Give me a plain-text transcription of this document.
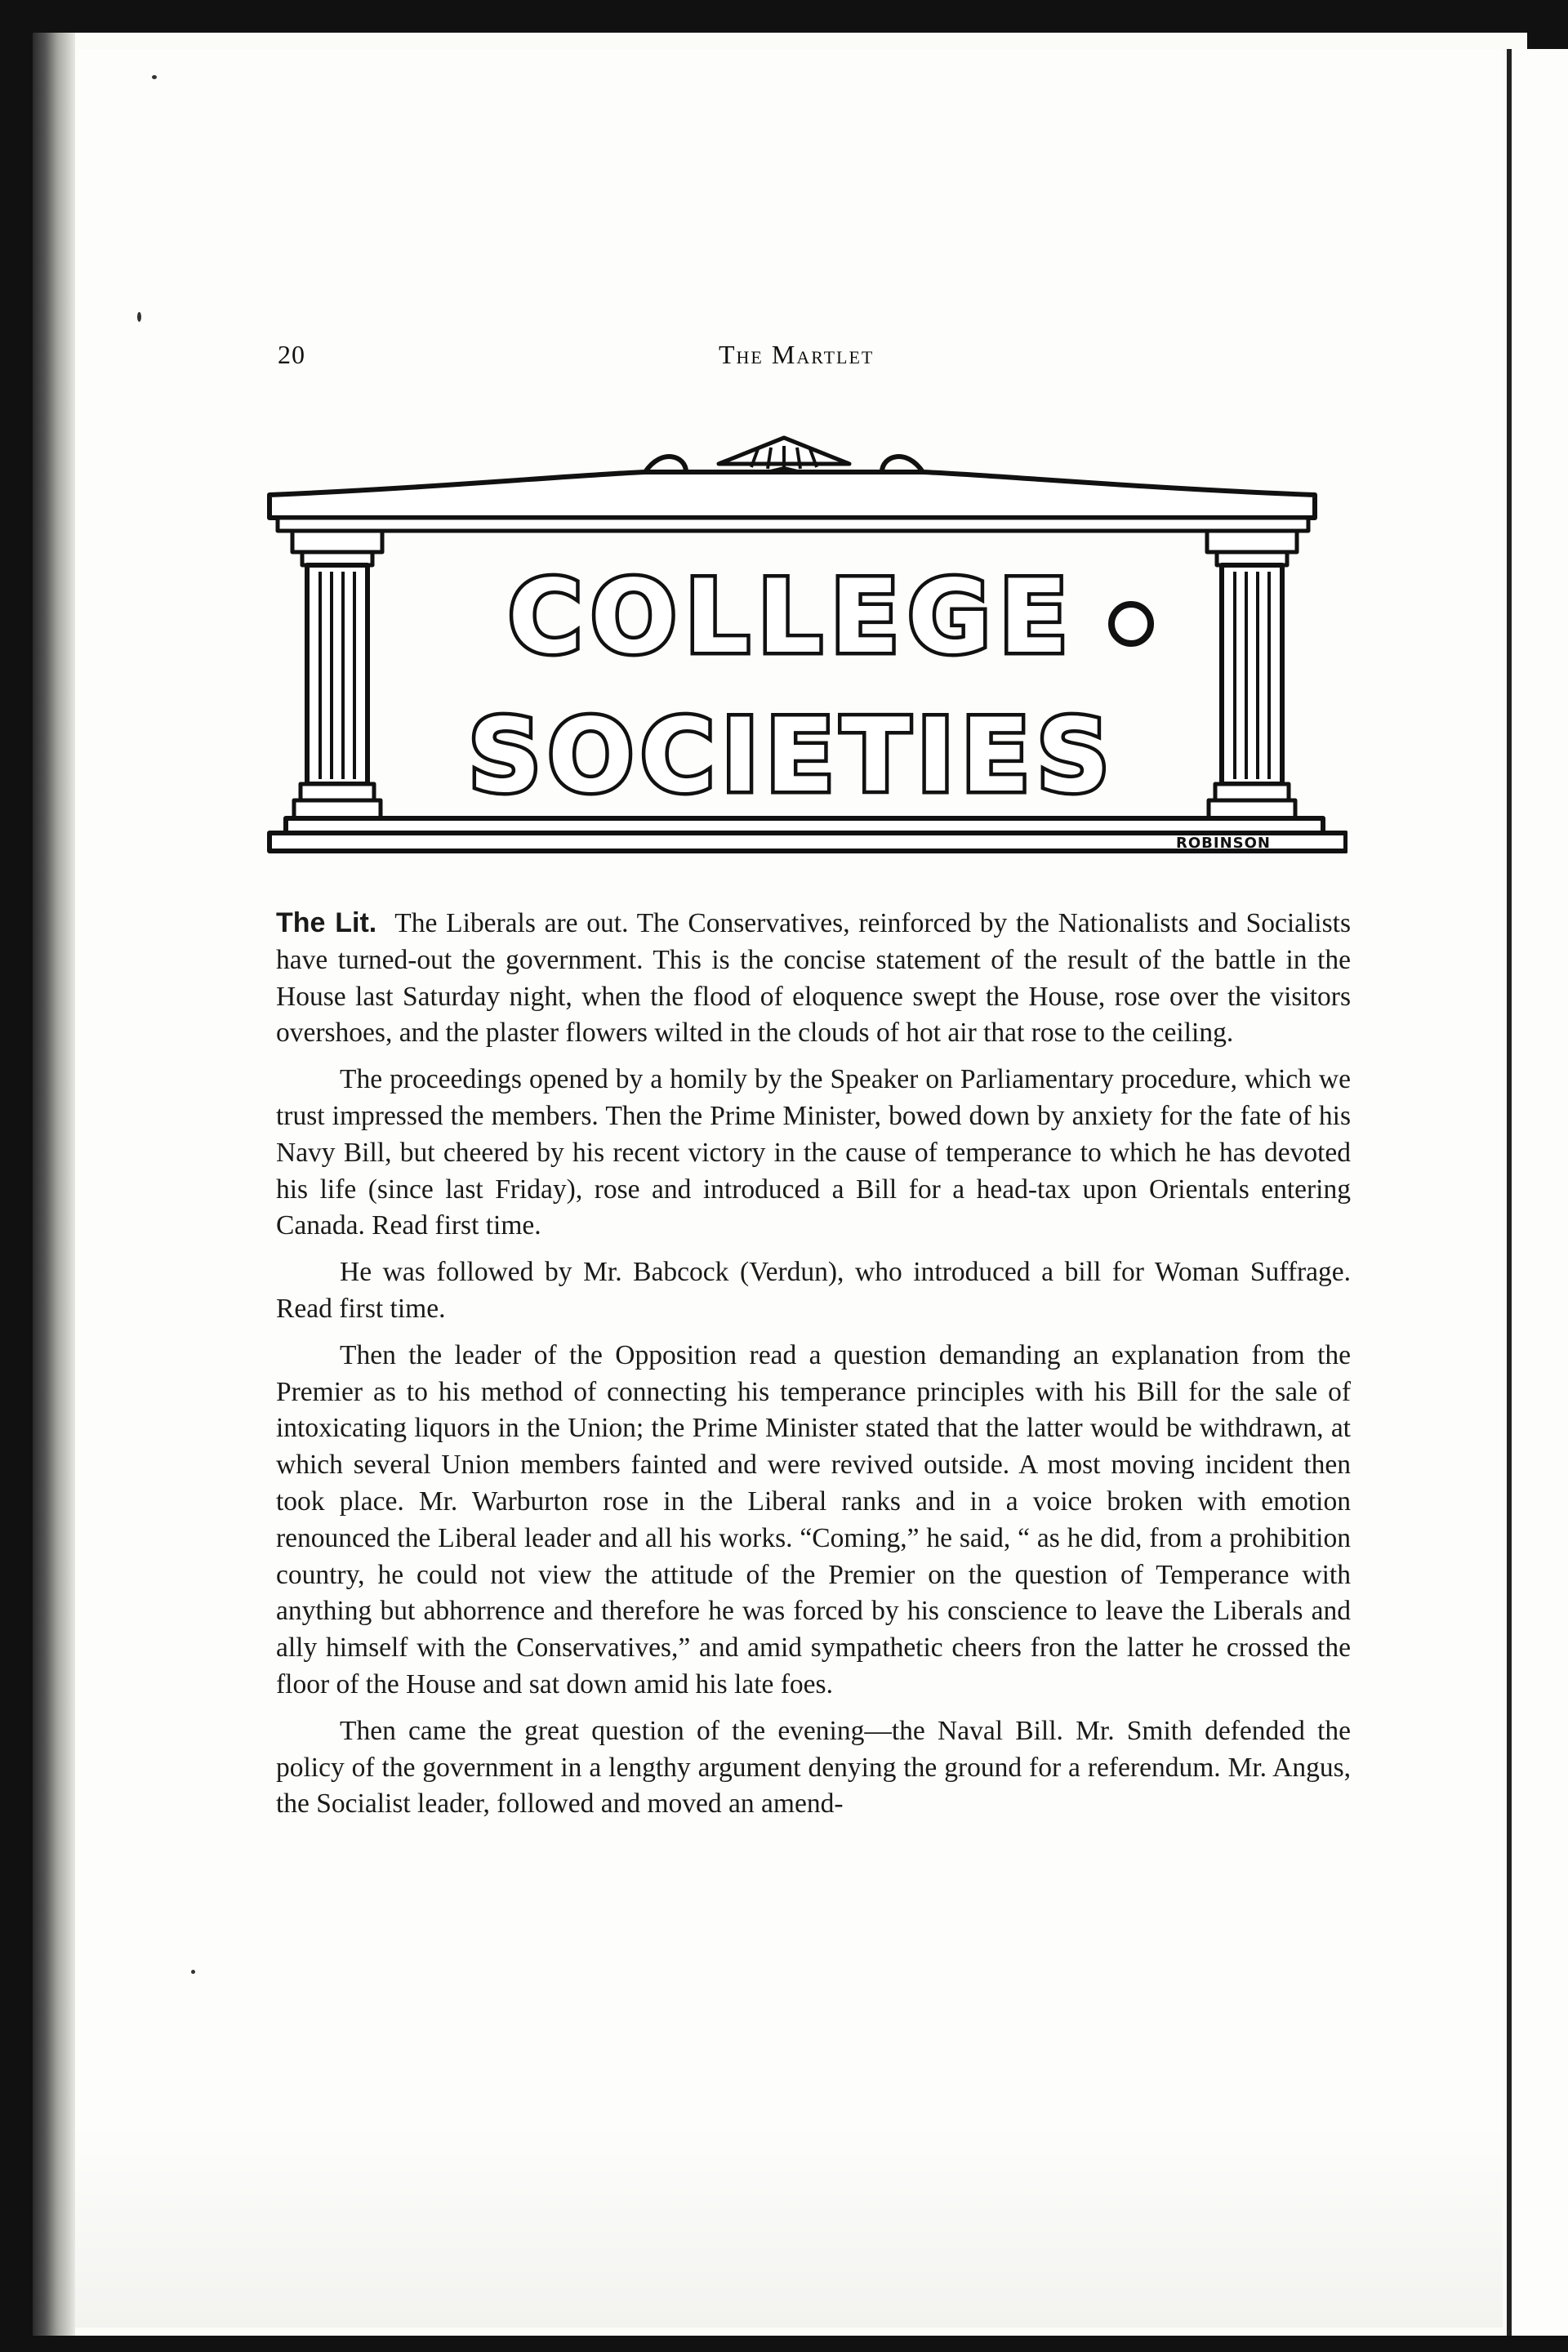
20	The Martlet
COLLEGE
SOCIETIES
ROBINSON

The Lit. The Liberals are out. The Conservatives, reinforced by the Nationalists and Socialists have turned-out the government. This is the concise statement of the result of the battle in the House last Saturday night, when the flood of eloquence swept the House, rose over the visitors overshoes, and the plaster flowers wilted in the clouds of hot air that rose to the ceiling.

The proceedings opened by a homily by the Speaker on Parliamentary procedure, which we trust impressed the members. Then the Prime Minister, bowed down by anxiety for the fate of his Navy Bill, but cheered by his recent victory in the cause of temperance to which he has devoted his life (since last Friday), rose and introduced a Bill for a head-tax upon Orientals entering Canada. Read first time.

He was followed by Mr. Babcock (Verdun), who introduced a bill for Woman Suffrage. Read first time.

Then the leader of the Opposition read a question demanding an explanation from the Premier as to his method of connecting his temperance principles with his Bill for the sale of intoxicating liquors in the Union; the Prime Minister stated that the latter would be withdrawn, at which several Union members fainted and were revived outside. A most moving incident then took place. Mr. Warburton rose in the Liberal ranks and in a voice broken with emotion renounced the Liberal leader and all his works. “Coming,” he said, “ as he did, from a prohibition country, he could not view the attitude of the Premier on the question of Temperance with anything but abhorrence and therefore he was forced by his conscience to leave the Liberals and ally himself with the Conservatives,” and amid sympathetic cheers fron the latter he crossed the floor of the House and sat down amid his late foes.

Then came the great question of the evening—the Naval Bill. Mr. Smith defended the policy of the government in a lengthy argument denying the ground for a referendum. Mr. Angus, the Socialist leader, followed and moved an amend-
